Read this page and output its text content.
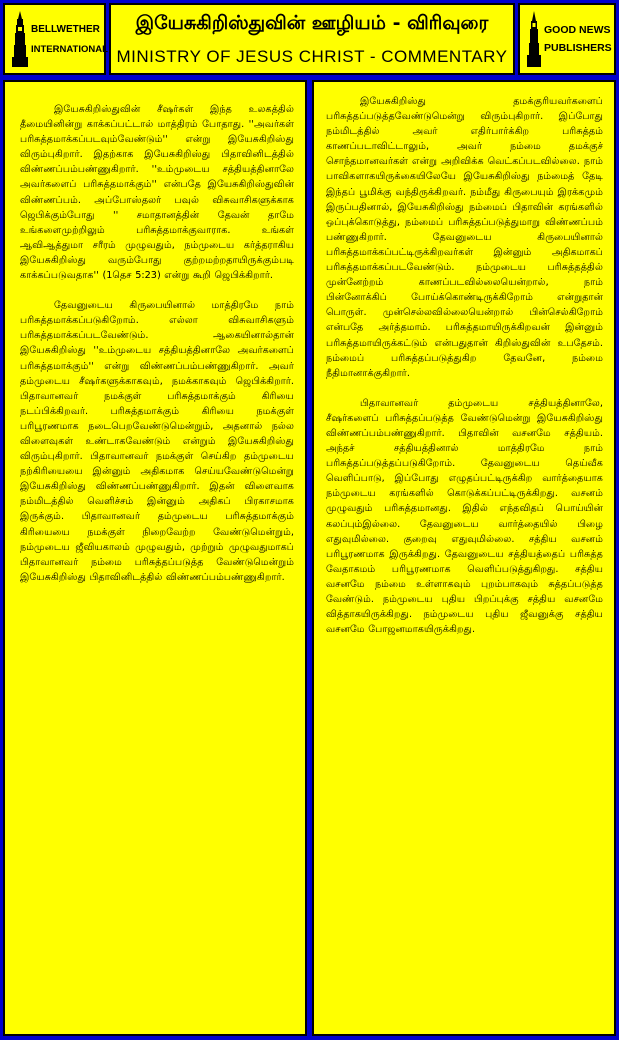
BELLWETHER
INTERNATIONAL
இயேசுகிறிஸ்துவின் ஊழியம் - விரிவுரை
MINISTRY OF JESUS CHRIST - COMMENTARY
GOOD NEWS
PUBLISHERS

இயேசுகிறிஸ்துவின் சீஷர்கள் இந்த உலகத்தில் தீமையினின்று காக்கப்பட்டால் மாத்திரம் போதாது. ''அவர்கள் பரிசுத்தமாக்கப்படவும்வேண்டும்'' என்று இயேசுகிறிஸ்து விரும்புகிறார். இதற்காக இயேசுகிறிஸ்து பிதாவினிடத்தில் விண்ணப்பம்பண்ணுகிறார். ''உம்முடைய சத்தியத்தினாலே அவர்களைப் பரிசுத்தமாக்கும்'' என்பதே இயேசுகிறிஸ்துவின் விண்ணப்பம். அப்போஸ்தலர் பவுல் விசுவாசிகளுக்காக ஜெபிக்கும்போது '' சமாதானத்தின் தேவன் தாமே உங்களைமுற்றிலும் பரிசுத்தமாக்குவாராக. உங்கள் ஆவிஆத்துமா சரீரம் முழுவதும், நம்முடைய கர்த்தராகிய இயேசுகிறிஸ்து வரும்போது குற்றமற்றதாயிருக்கும்படி காக்கப்படுவதாக'' (1தெச 5:23) என்று கூறி ஜெபிக்கிறார்.

தேவனுடைய கிருபையினால் மாத்திரமே நாம் பரிசுத்தமாக்கப்படுகிறோம். எல்லா விசுவாசிகளும் பரிசுத்தமாக்கப்படவேண்டும். ஆகையினால்தான் இயேசுகிறிஸ்து ''உம்முடைய சத்தியத்தினாலே அவர்களைப் பரிசுத்தமாக்கும்'' என்று விண்ணப்பம்பண்ணுகிறார். அவர் தம்முடைய சீஷர்களுக்காகவும், நமக்காகவும் ஜெபிக்கிறார். பிதாவானவர் நமக்குள் பரிசுத்தமாக்கும் கிரியை நடப்பிக்கிறவர். பரிசுத்தமாக்கும் கிரியை நமக்குள் பரிபூரணமாக நடைபெறவேண்டுமென்றும், அதனால் நல்ல விளைவுகள் உண்டாகவேண்டும் என்றும் இயேசுகிறிஸ்து விரும்புகிறார். பிதாவானவர் நமக்குள் செய்கிற தம்முடைய நற்கிரியையை இன்னும் அதிகமாக செய்யவேண்டுமென்று இயேசுகிறிஸ்து விண்ணப்பண்ணுகிறார். இதன் விளைவாக நம்மிடத்தில் வெளிச்சம் இன்னும் அதிகப் பிரகாசமாக இருக்கும். பிதாவானவர் தம்முடைய பரிசுத்தமாக்கும் கிரியையை நமக்குள் நிறைவேற்ற வேண்டுமென்றும், நம்முடைய ஜீவியகாலம் முழுவதும், முற்றும் முழுவதுமாகப் பிதாவானவர் நம்மை பரிசுத்தப்படுத்த வேண்டுமென்றும் இயேசுகிறிஸ்து பிதாவினிடத்தில் விண்ணப்பம்பண்ணுகிறார்.

இயேசுகிறிஸ்து தமக்குரியவர்களைப் பரிசுத்தப்படுத்தவேண்டுமென்று விரும்புகிறார். இப்போது நம்மிடத்தில் அவர் எதிர்பார்க்கிற பரிசுத்தம் காணப்படாவிட்டாலும், அவர் நம்மை தமக்குச் சொந்தமானவர்கள் என்று அறிவிக்க வெட்கப்படவில்லை. நாம் பாவிகளாகயிருக்கையிலேயே இயேசுகிறிஸ்து நம்மைத் தேடி இந்தப் பூமிக்கு வந்திருக்கிறவர். நம்மீது கிருபையும் இரக்கமும் இருப்பதினால், இயேசுகிறிஸ்து நம்மைப் பிதாவின் கரங்களில் ஒப்புக்கொடுத்து, நம்மைப் பரிசுத்தப்படுத்துமாறு விண்ணப்பம் பண்ணுகிறார். தேவனுடைய கிருபையினால் பரிசுத்தமாக்கப்பட்டிருக்கிறவர்கள் இன்னும் அதிகமாகப் பரிசுத்தமாக்கப்படவேண்டும். நம்முடைய பரிசுத்தத்தில் முன்னேற்றம் காணப்படவில்லையென்றால், நாம் பின்னோக்கிப் போய்க்கொண்டிருக்கிறோம் என்றுதான் பொருள். முன்செல்லவில்லையென்றால் பின்செல்கிறோம் என்பதே அர்த்தமாம். பரிசுத்தமாயிருக்கிறவன் இன்னும் பரிசுத்தமாயிருக்கட்டும் என்பதுதான் கிறிஸ்துவின் உபதேசம். நம்மைப் பரிசுத்தப்படுத்துகிற தேவனே, நம்மை நீதிமானாக்குகிறார்.

பிதாவானவர் தம்முடைய சத்தியத்தினாலே, சீஷர்களைப் பரிசுத்தப்படுத்த வேண்டுமென்று இயேசுகிறிஸ்து விண்ணப்பம்பண்ணுகிறார். பிதாவின் வசனமே சத்தியம். அந்தச் சத்தியத்தினால் மாத்திரமே நாம் பரிசுத்தப்படுத்தப்படுகிறோம். தேவனுடைய தெய்வீக வெளிப்பாடு, இப்போது எழுதப்பட்டிருக்கிற வார்த்தையாக நம்முடைய கரங்களில் கொடுக்கப்பட்டிருக்கிறது. வசனம் முழுவதும் பரிசுத்தமானது. இதில் எந்தவிதப் பொய்யின் கலப்பும்இல்லை. தேவனுடைய வார்த்தையில் பிழை எதுவுமில்லை. குறைவு எதுவுமில்லை. சத்திய வசனம் பரிபூரணமாக இருக்கிறது. தேவனுடைய சத்தியத்தைப் பரிசுத்த வேதாகமம் பரிபூரணமாக வெளிப்படுத்துகிறது. சத்திய வசனமே நம்மை உள்ளாகவும் புறம்பாகவும் சுத்தப்படுத்த வேண்டும். நம்முடைய புதிய பிறப்புக்கு சத்திய வசனமே வித்தாகயிருக்கிறது. நம்முடைய புதிய ஜீவனுக்கு சத்திய வசனமே போஜனமாகயிருக்கிறது.
